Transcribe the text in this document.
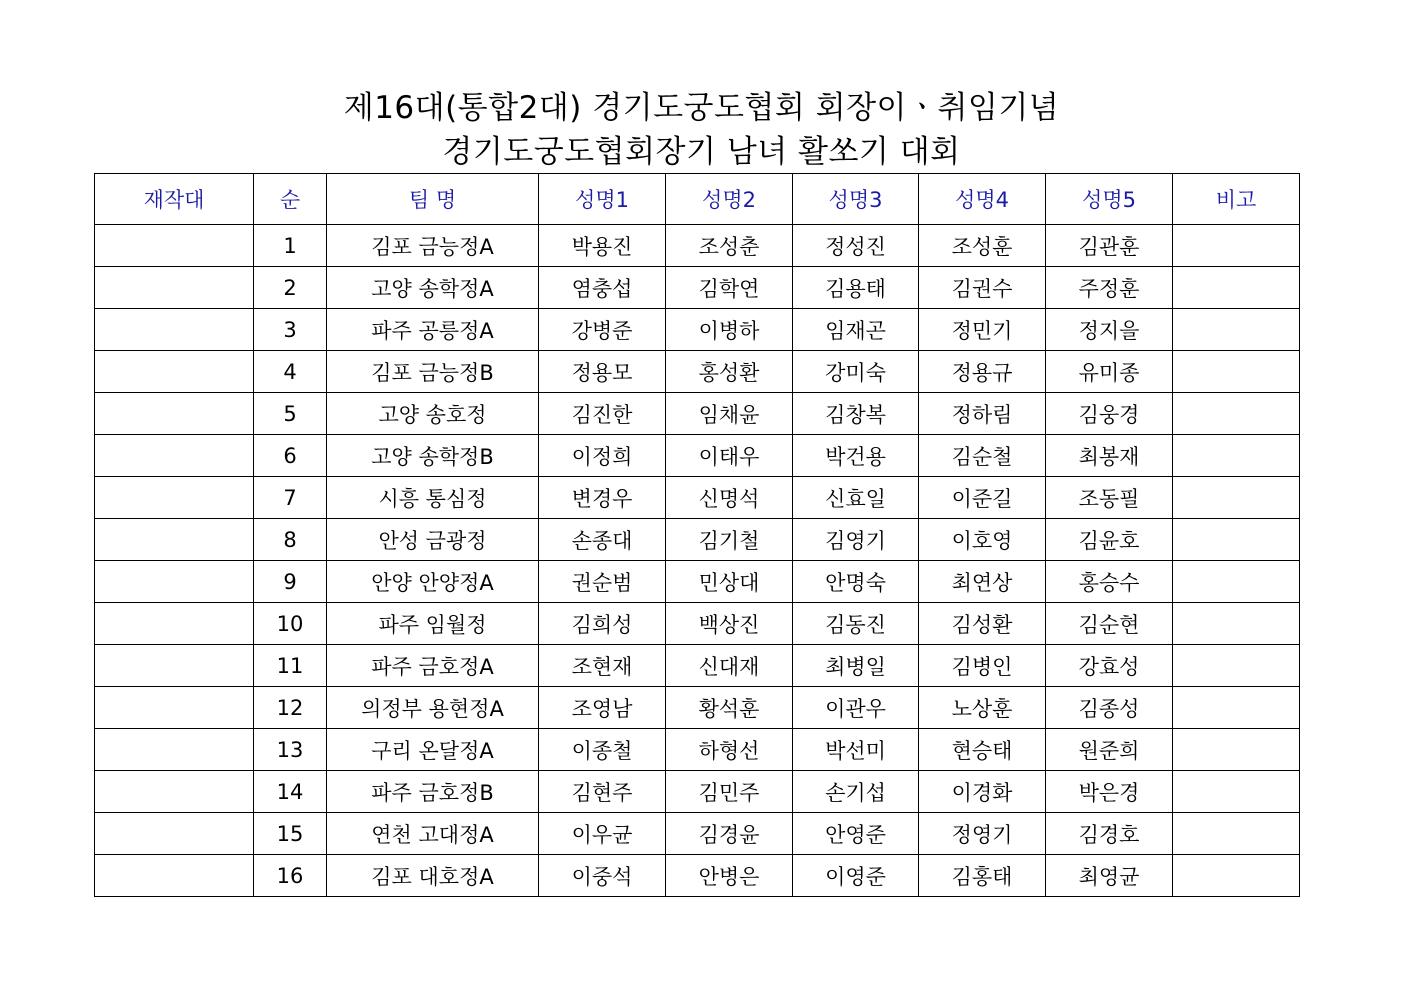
제16대(통합2대) 경기도궁도협회 회장이ㆍ취임기념
경기도궁도협회장기 남녀 활쏘기 대회
재작대	순	팀 명	성명1	성명2	성명3	성명4	성명5	비고
	1	김포 금능정A	박용진	조성춘	정성진	조성훈	김관훈	
	2	고양 송학정A	염충섭	김학연	김용태	김권수	주정훈	
	3	파주 공릉정A	강병준	이병하	임재곤	정민기	정지을	
	4	김포 금능정B	정용모	홍성환	강미숙	정용규	유미종	
	5	고양 송호정	김진한	임채윤	김창복	정하림	김웅경	
	6	고양 송학정B	이정희	이태우	박건용	김순철	최봉재	
	7	시흥 통심정	변경우	신명석	신효일	이준길	조동필	
	8	안성 금광정	손종대	김기철	김영기	이호영	김윤호	
	9	안양 안양정A	권순범	민상대	안명숙	최연상	홍승수	
	10	파주 임월정	김희성	백상진	김동진	김성환	김순현	
	11	파주 금호정A	조현재	신대재	최병일	김병인	강효성	
	12	의정부 용현정A	조영남	황석훈	이관우	노상훈	김종성	
	13	구리 온달정A	이종철	하형선	박선미	현승태	원준희	
	14	파주 금호정B	김현주	김민주	손기섭	이경화	박은경	
	15	연천 고대정A	이우균	김경윤	안영준	정영기	김경호	
	16	김포 대호정A	이중석	안병은	이영준	김홍태	최영균	
